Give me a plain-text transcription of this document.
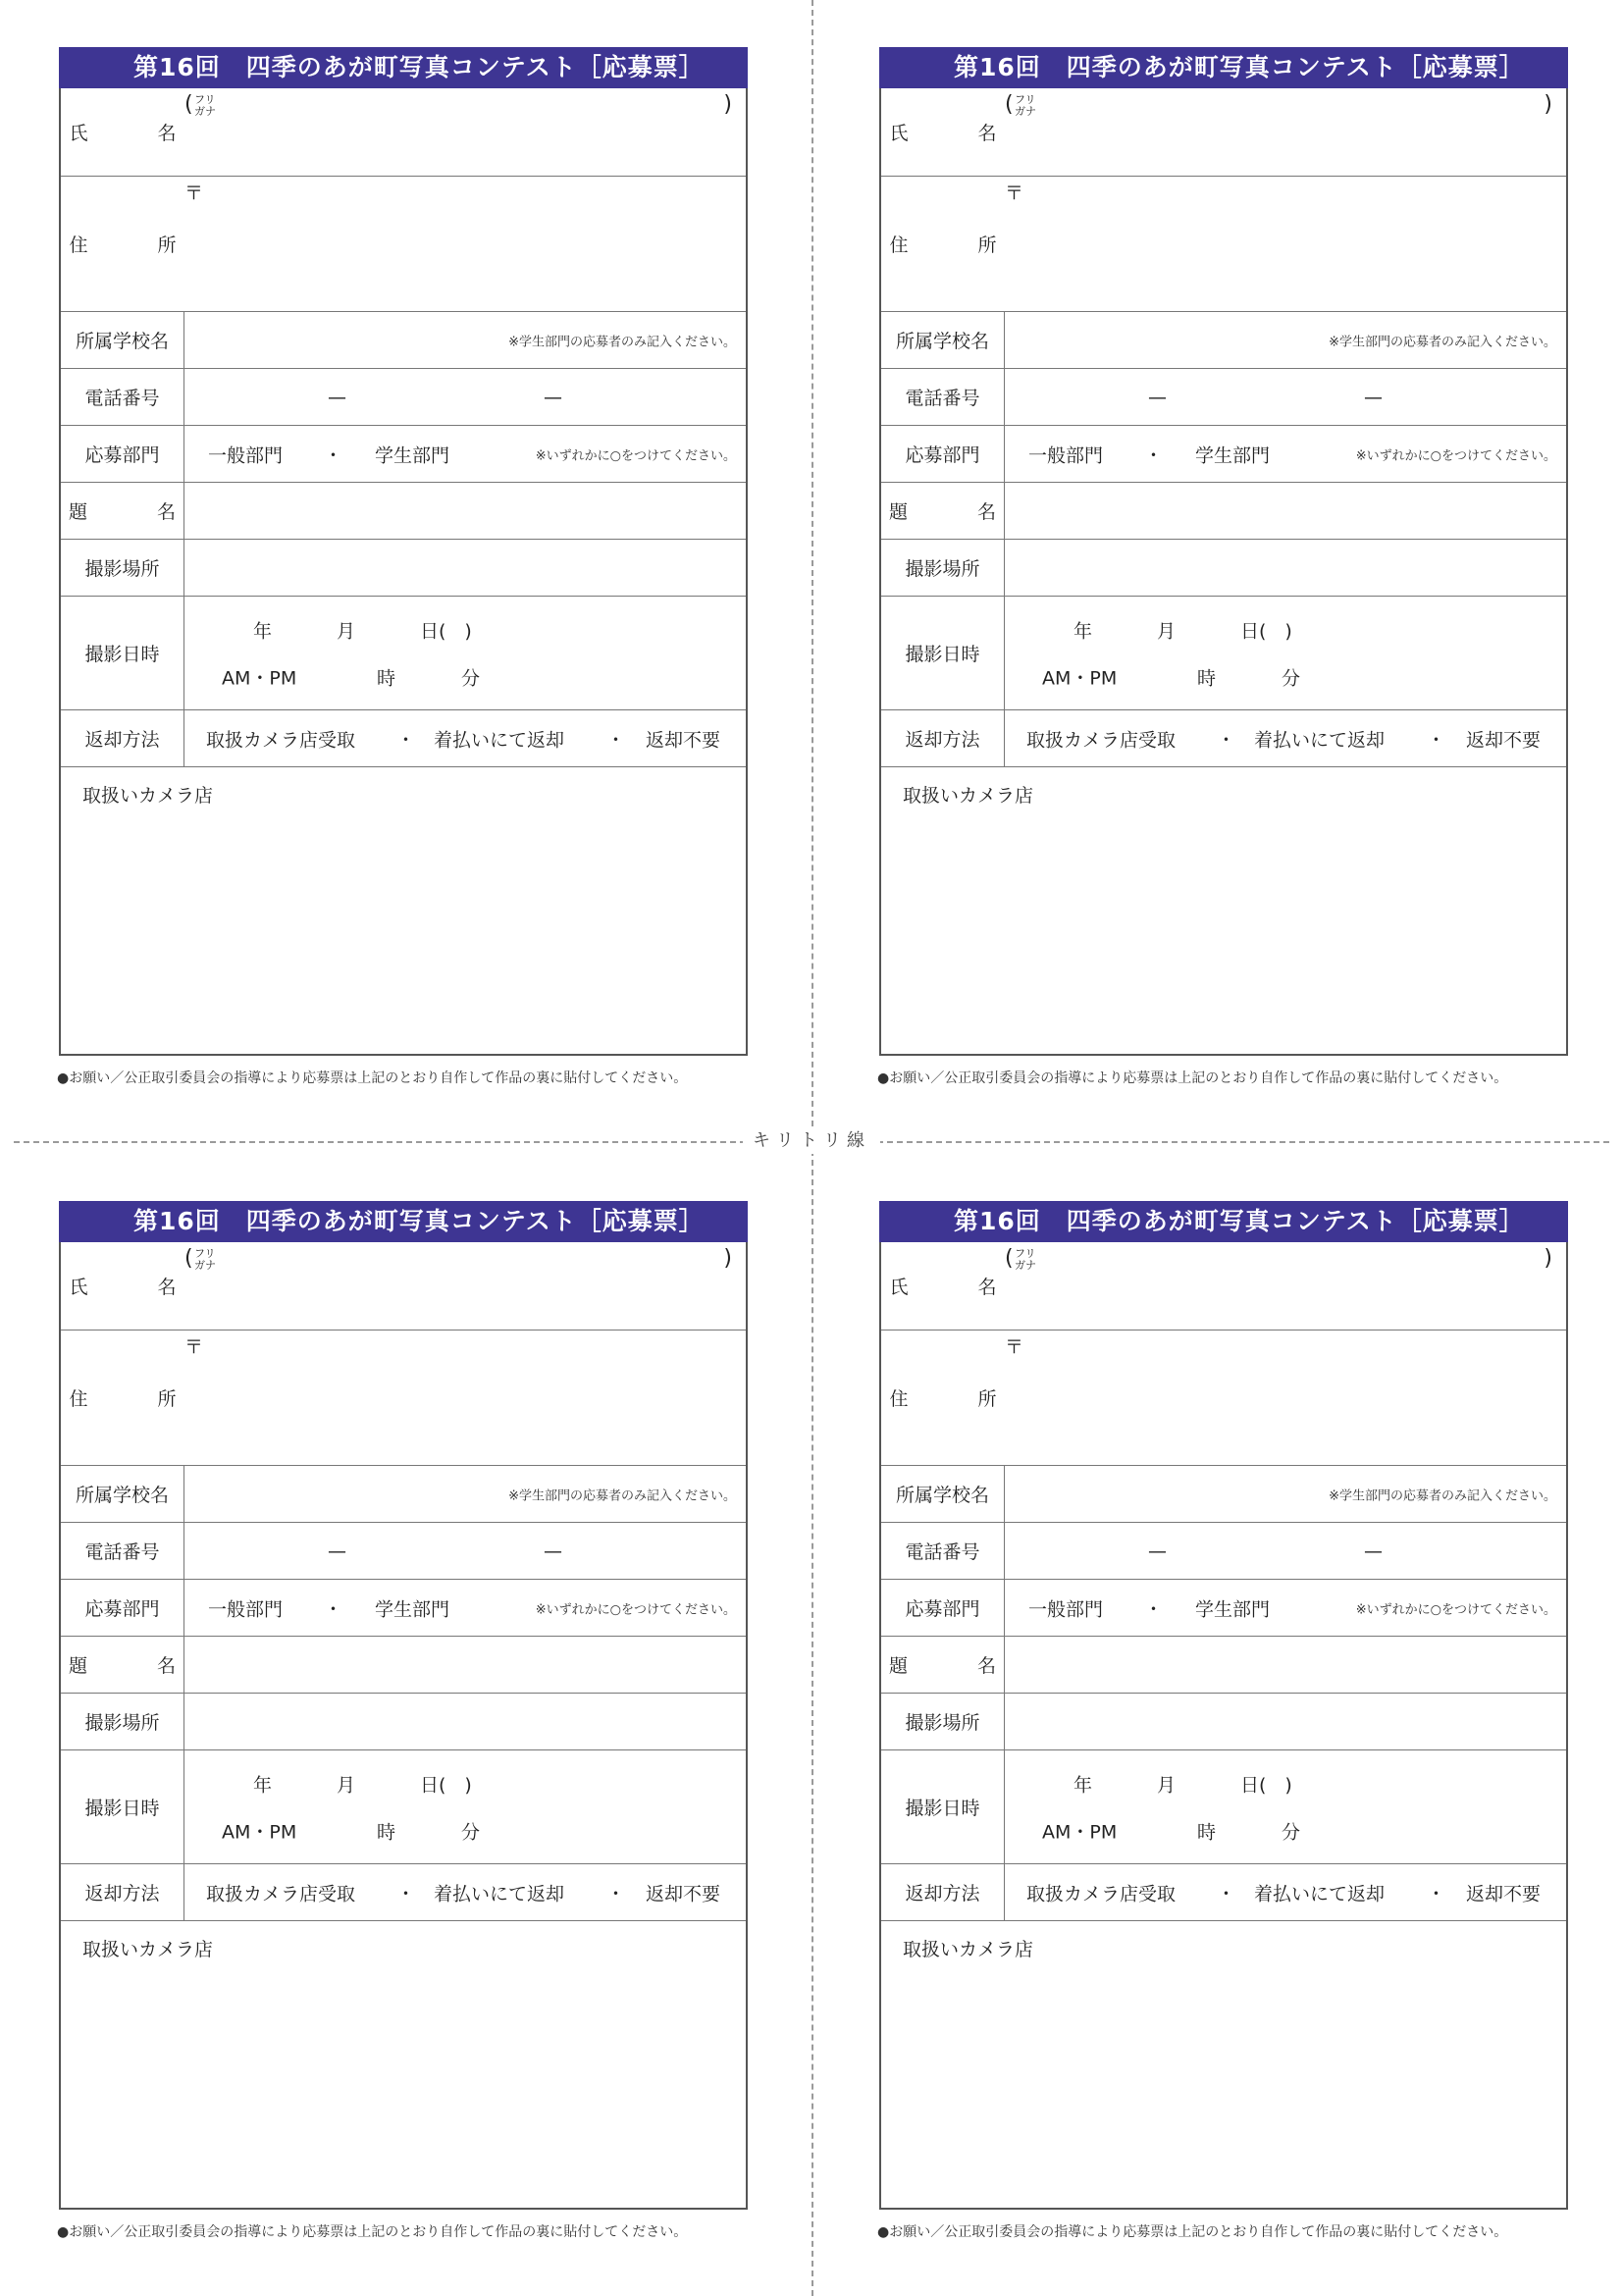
キリトリ線
第16回　四季のあが町写真コンテスト［応募票］
氏　名
( フリガナ	)
住　所
〒
所属学校名	※学生部門の応募者のみ記入ください。
電話番号	—	—
応募部門	一般部門 ・ 学生部門	※いずれかに○をつけてください。
題　名
撮影場所
撮影日時
年	月	日(　)
AM・PM	時	分
返却方法	取扱カメラ店受取 ・ 着払いにて返却 ・ 返却不要
取扱いカメラ店
第16回　四季のあが町写真コンテスト［応募票］
氏　名
( フリガナ	)
住　所
〒
所属学校名	※学生部門の応募者のみ記入ください。
電話番号	—	—
応募部門	一般部門 ・ 学生部門	※いずれかに○をつけてください。
題　名
撮影場所
撮影日時
年	月	日(　)
AM・PM	時	分
返却方法	取扱カメラ店受取 ・ 着払いにて返却 ・ 返却不要
取扱いカメラ店
第16回　四季のあが町写真コンテスト［応募票］
氏　名
( フリガナ	)
住　所
〒
所属学校名	※学生部門の応募者のみ記入ください。
電話番号	—	—
応募部門	一般部門 ・ 学生部門	※いずれかに○をつけてください。
題　名
撮影場所
撮影日時
年	月	日(　)
AM・PM	時	分
返却方法	取扱カメラ店受取 ・ 着払いにて返却 ・ 返却不要
取扱いカメラ店
第16回　四季のあが町写真コンテスト［応募票］
氏　名
( フリガナ	)
住　所
〒
所属学校名	※学生部門の応募者のみ記入ください。
電話番号	—	—
応募部門	一般部門 ・ 学生部門	※いずれかに○をつけてください。
題　名
撮影場所
撮影日時
年	月	日(　)
AM・PM	時	分
返却方法	取扱カメラ店受取 ・ 着払いにて返却 ・ 返却不要
取扱いカメラ店
●お願い／公正取引委員会の指導により応募票は上記のとおり自作して作品の裏に貼付してください。	●お願い／公正取引委員会の指導により応募票は上記のとおり自作して作品の裏に貼付してください。
●お願い／公正取引委員会の指導により応募票は上記のとおり自作して作品の裏に貼付してください。	●お願い／公正取引委員会の指導により応募票は上記のとおり自作して作品の裏に貼付してください。
